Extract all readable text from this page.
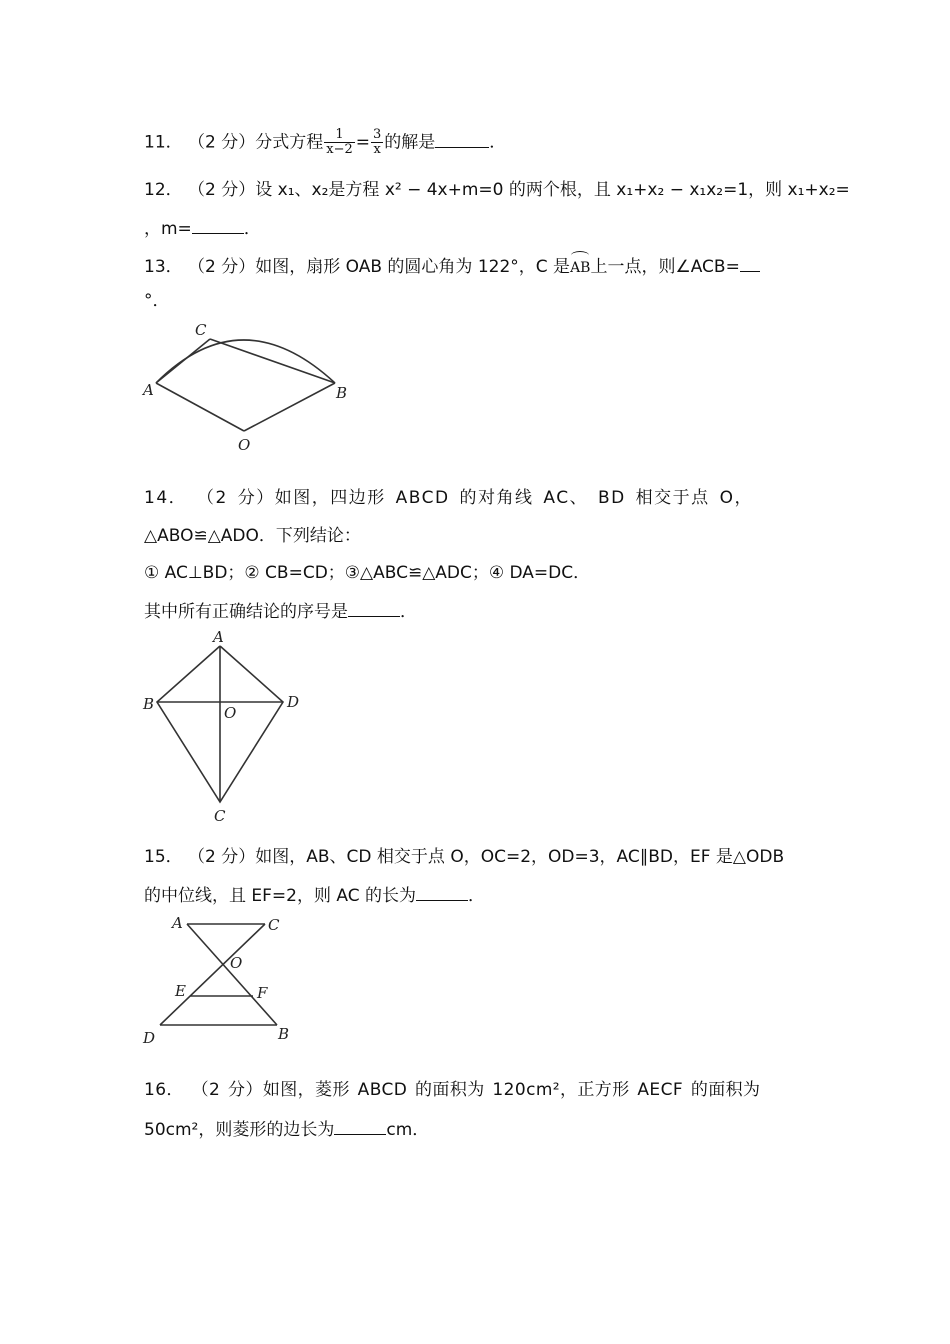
11． （2 分）分式方程 $\frac{1}{x-2} = \frac{3}{x}$ 的解是	．
12． （2 分）设 x₁、x₂是方程 x² − 4x+m=0 的两个根，且 x₁+x₂ − x₁x₂=1，则 x₁+x₂=
，m=	．
13． （2 分）如图，扇形 OAB 的圆心角为 122°，C 是AB上一点，则∠ACB=
°．
C
A	B
O
14． （2 分）如图，四边形 ABCD 的对角线 AC、 BD 相交于点 O，
△ABO≌△ADO．下列结论：
① AC⊥BD；② CB=CD；③△ABC≌△ADC；④ DA=DC．
其中所有正确结论的序号是	．
A
B	D
O
C
15． （2 分）如图，AB、CD 相交于点 O，OC=2，OD=3，AC∥BD，EF 是△ODB
的中位线，且 EF=2，则 AC 的长为	．
A	C
O
E	F
D	B
16． （2 分）如图，菱形 ABCD 的面积为 120cm²，正方形 AECF 的面积为
50cm²，则菱形的边长为	cm．
